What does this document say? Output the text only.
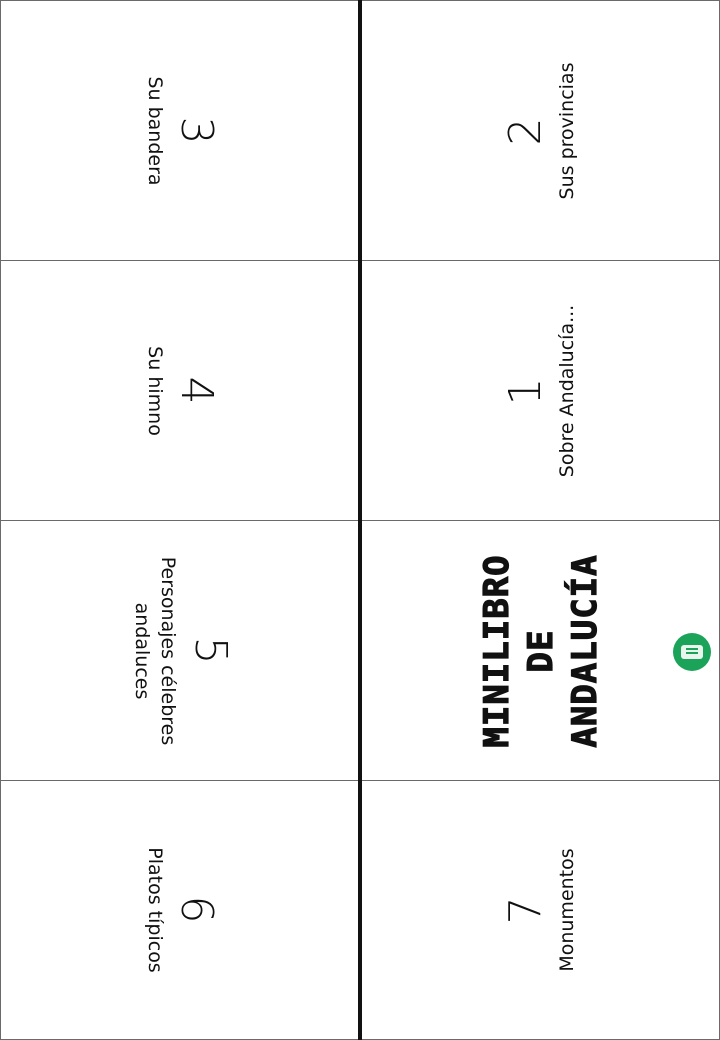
3
Su bandera	2 Sus provincias
4
Su himno	1 Sobre Andalucía...
5
Personajes célebres andaluces	MINILIBRO DE ANDALUCÍA
6
Platos típicos	7 Monumentos
